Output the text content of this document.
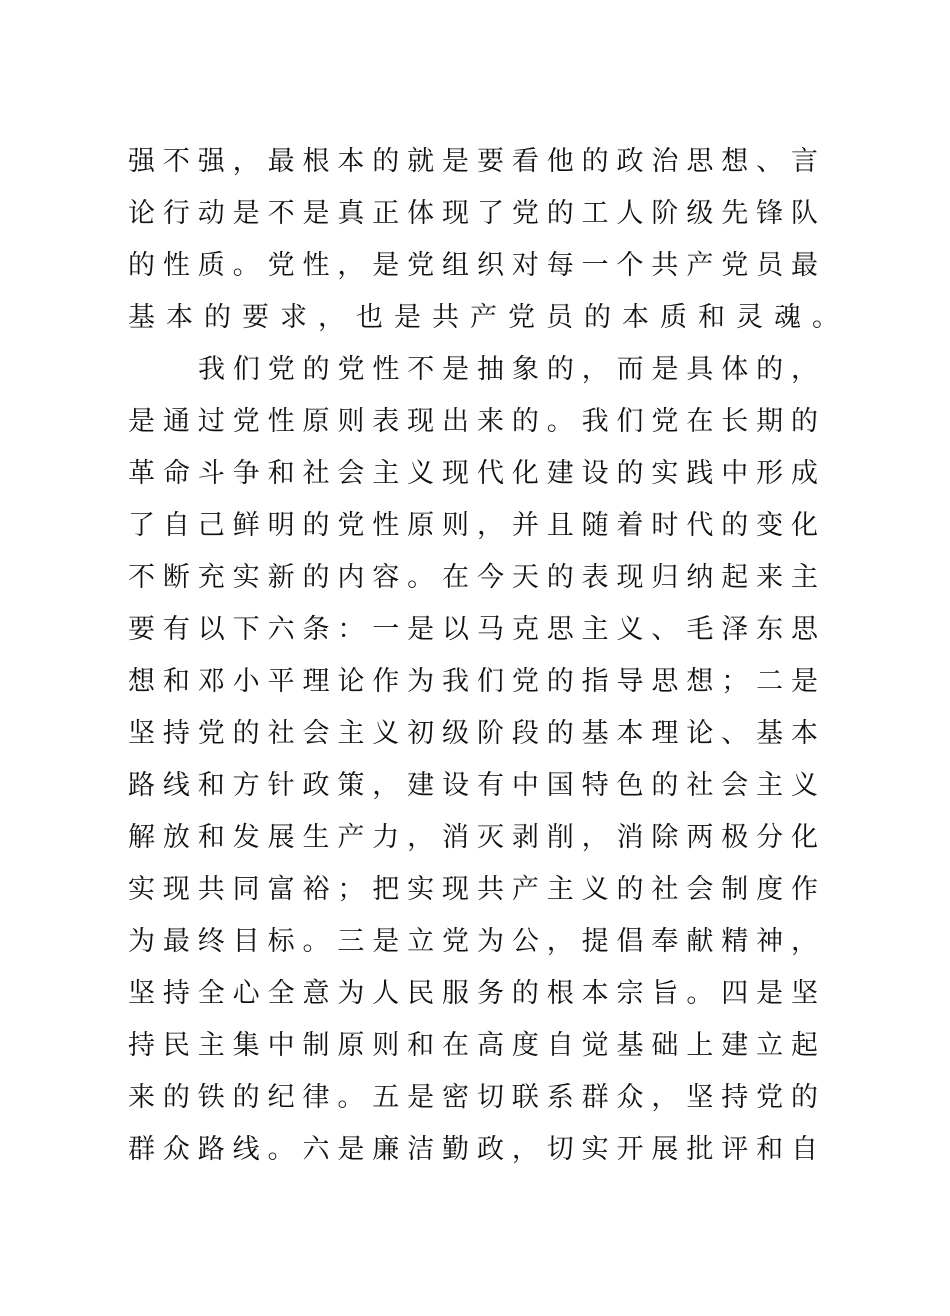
强不强，最根本的就是要看他的政治思想、言
论行动是不是真正体现了党的工人阶级先锋队
的性质。党性，是党组织对每一个共产党员最
基本的要求，也是共产党员的本质和灵魂。
我们党的党性不是抽象的，而是具体的，
是通过党性原则表现出来的。我们党在长期的
革命斗争和社会主义现代化建设的实践中形成
了自己鲜明的党性原则，并且随着时代的变化
不断充实新的内容。在今天的表现归纳起来主
要有以下六条：一是以马克思主义、毛泽东思
想和邓小平理论作为我们党的指导思想；二是
坚持党的社会主义初级阶段的基本理论、基本
路线和方针政策，建设有中国特色的社会主义
解放和发展生产力，消灭剥削，消除两极分化
实现共同富裕；把实现共产主义的社会制度作
为最终目标。三是立党为公，提倡奉献精神，
坚持全心全意为人民服务的根本宗旨。四是坚
持民主集中制原则和在高度自觉基础上建立起
来的铁的纪律。五是密切联系群众，坚持党的
群众路线。六是廉洁勤政，切实开展批评和自
